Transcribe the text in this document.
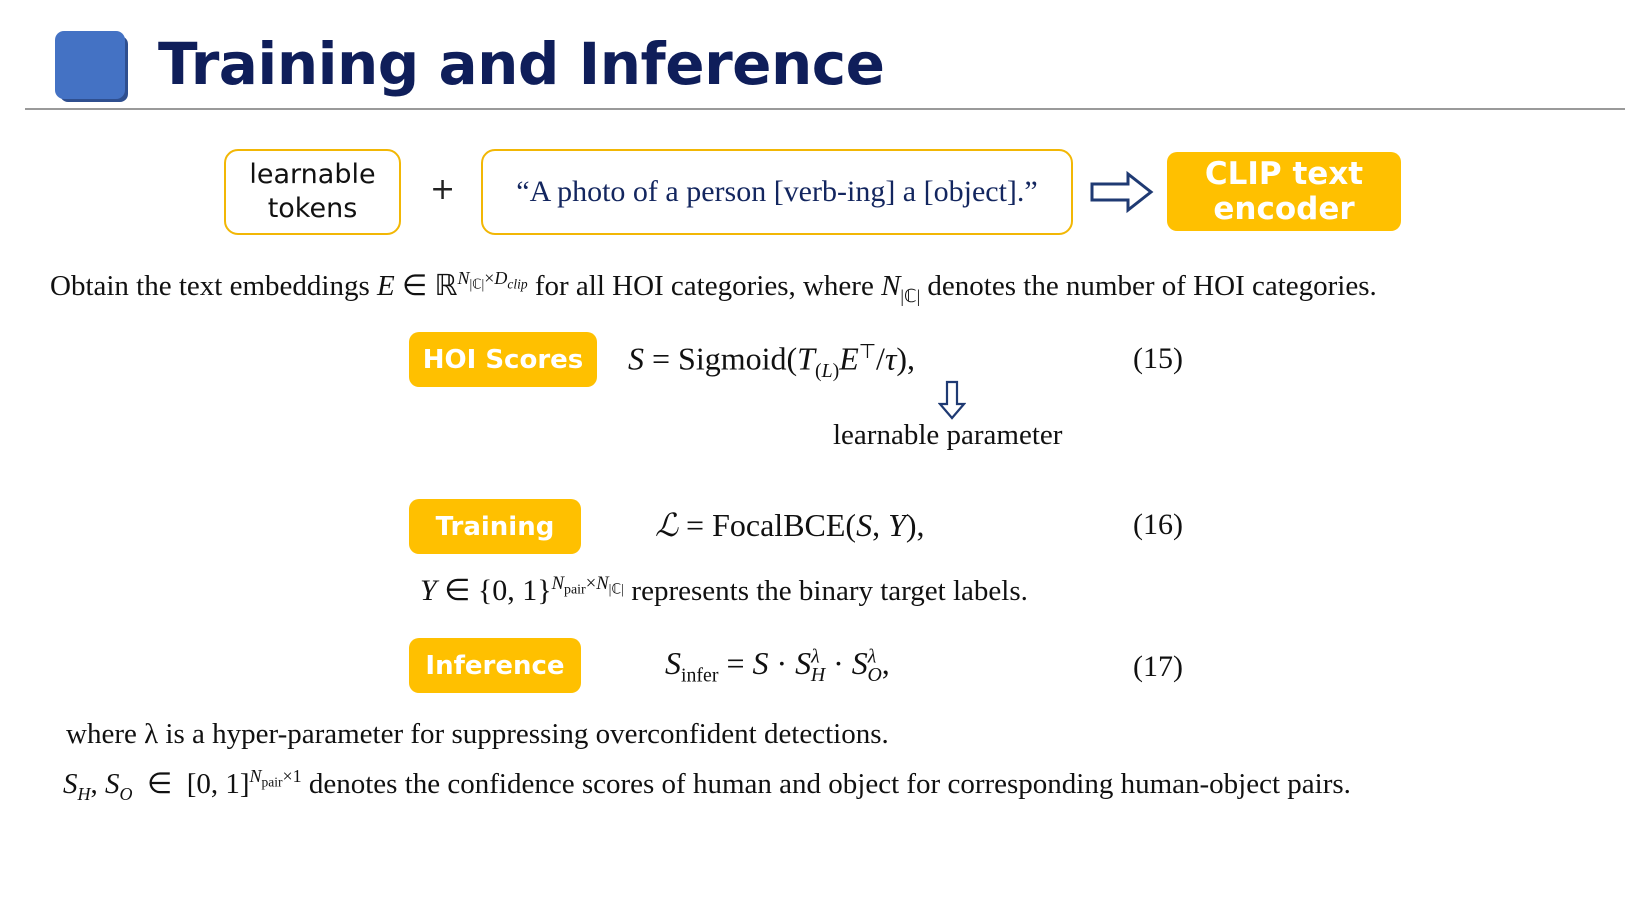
Training and Inference
learnable
tokens
+ “A photo of a person [verb-ing] a [object].”	CLIP text
encoder
Obtain the text embeddings E ∈ ℝ$^{N_{|ℂ|}\times D_{clip}}$ for all HOI categories, where $N_{|ℂ|}$ denotes the number of HOI categories.
HOI Scores	$S = Sigmoid(T_{(L)}E^⊤/\tau)$,	(15)
learnable parameter
Training	ℒ = FocalBCE(S, Y),	(16)
Y ∈ {0, 1}$^{N_{pair}\times N_{|ℂ|}}$ represents the binary target labels.
Inference	$S_{infer} = S \cdot S^\lambda_H \cdot S^\lambda_O$,	(17)
where λ is a hyper-parameter for suppressing overconfident detections.
$S_H$, $S_O$  ∈  [0, 1]$^{N_{pair}\times 1}$ denotes the confidence scores of human and object for corresponding human-object pairs.
